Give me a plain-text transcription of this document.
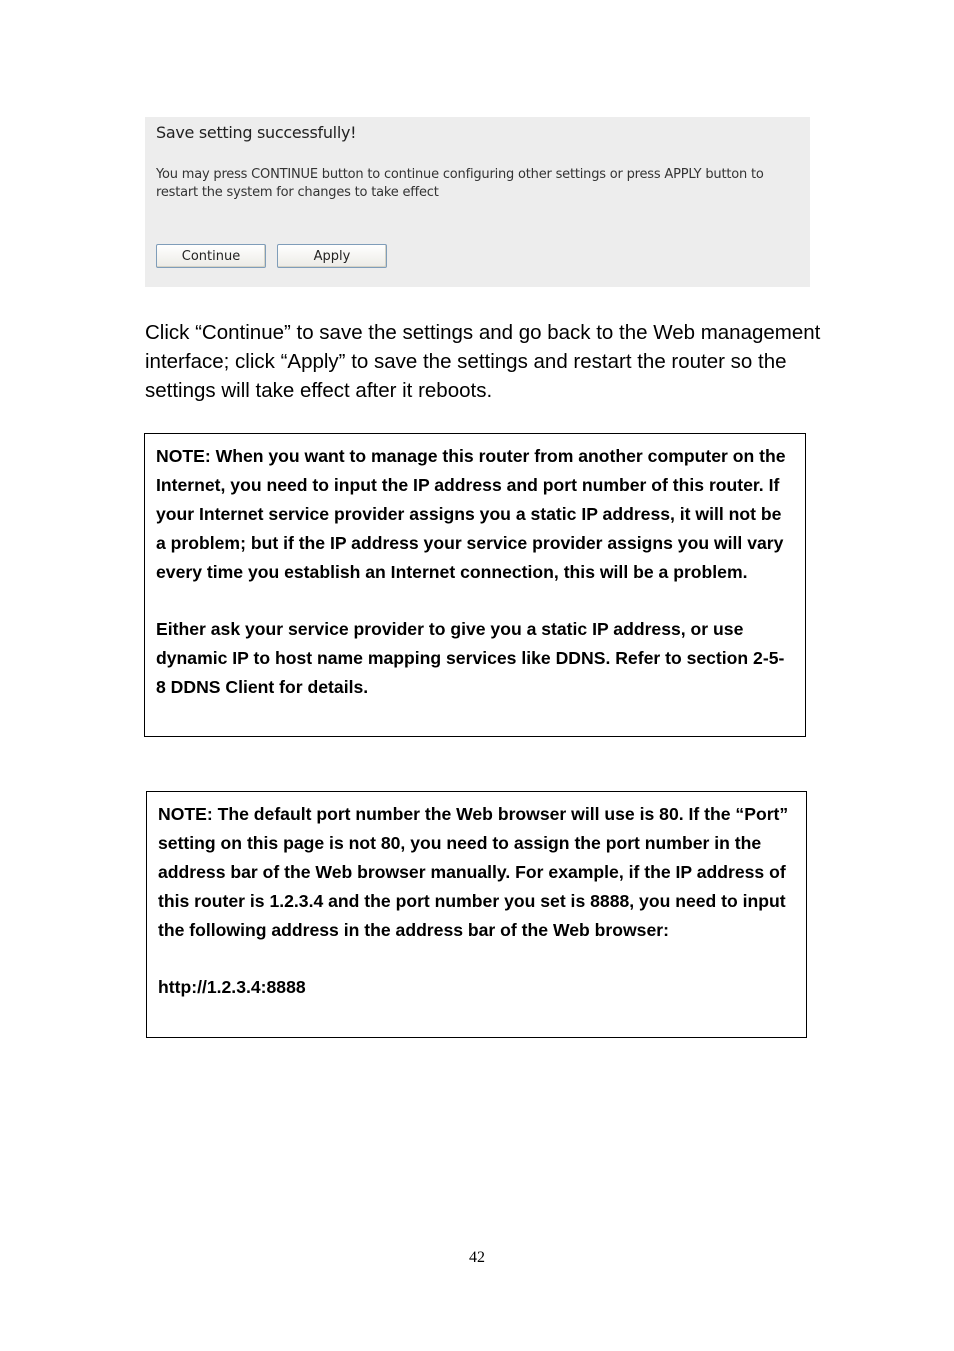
Save setting successfully!
You may press CONTINUE button to continue configuring other settings or press APPLY button to restart the system for changes to take effect
Continue	Apply
Click “Continue” to save the settings and go back to the Web management interface; click “Apply” to save the settings and restart the router so the settings will take effect after it reboots.

NOTE: When you want to manage this router from another computer on the Internet, you need to input the IP address and port number of this router. If your Internet service provider assigns you a static IP address, it will not be a problem; but if the IP address your service provider assigns you will vary every time you establish an Internet connection, this will be a problem.

Either ask your service provider to give you a static IP address, or use dynamic IP to host name mapping services like DDNS. Refer to section 2-5-8 DDNS Client for details.

NOTE: The default port number the Web browser will use is 80. If the “Port” setting on this page is not 80, you need to assign the port number in the address bar of the Web browser manually. For example, if the IP address of this router is 1.2.3.4 and the port number you set is 8888, you need to input the following address in the address bar of the Web browser:

http://1.2.3.4:8888

42
